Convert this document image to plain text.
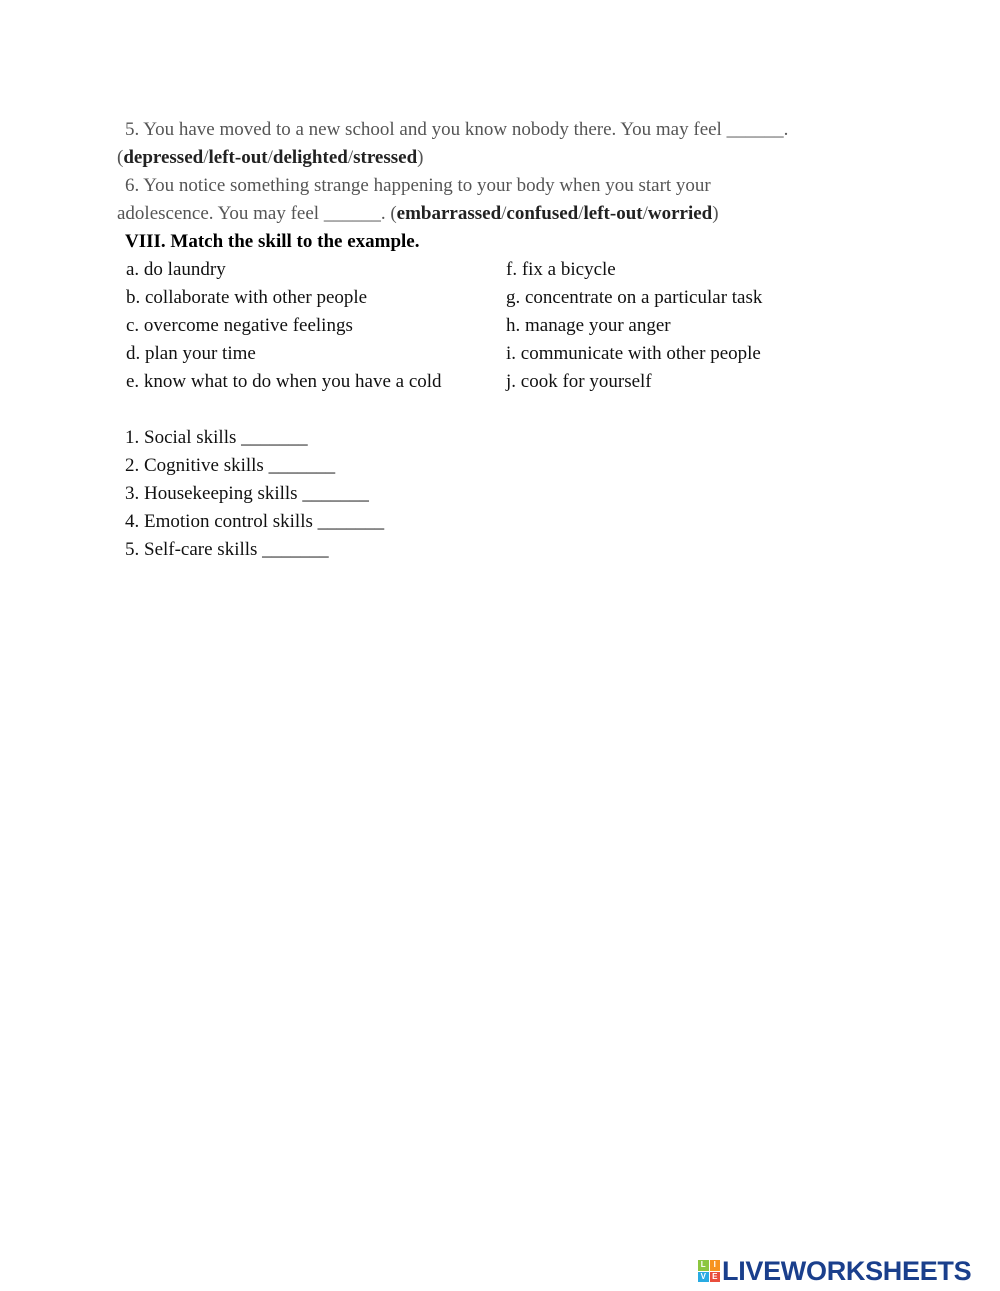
5. You have moved to a new school and you know nobody there. You may feel ______.
(depressed/left-out/delighted/stressed)
6. You notice something strange happening to your body when you start your
adolescence. You may feel ______. (embarrassed/confused/left-out/worried)
VIII. Match the skill to the example.
a. do laundry
b. collaborate with other people
c. overcome negative feelings
d. plan your time
e. know what to do when you have a cold
f. fix a bicycle
g. concentrate on a particular task
h. manage your anger
i. communicate with other people
j. cook for yourself
1. Social skills _______
2. Cognitive skills _______
3. Housekeeping skills _______
4. Emotion control skills _______
5. Self-care skills _______
L I
V E LIVEWORKSHEETS
